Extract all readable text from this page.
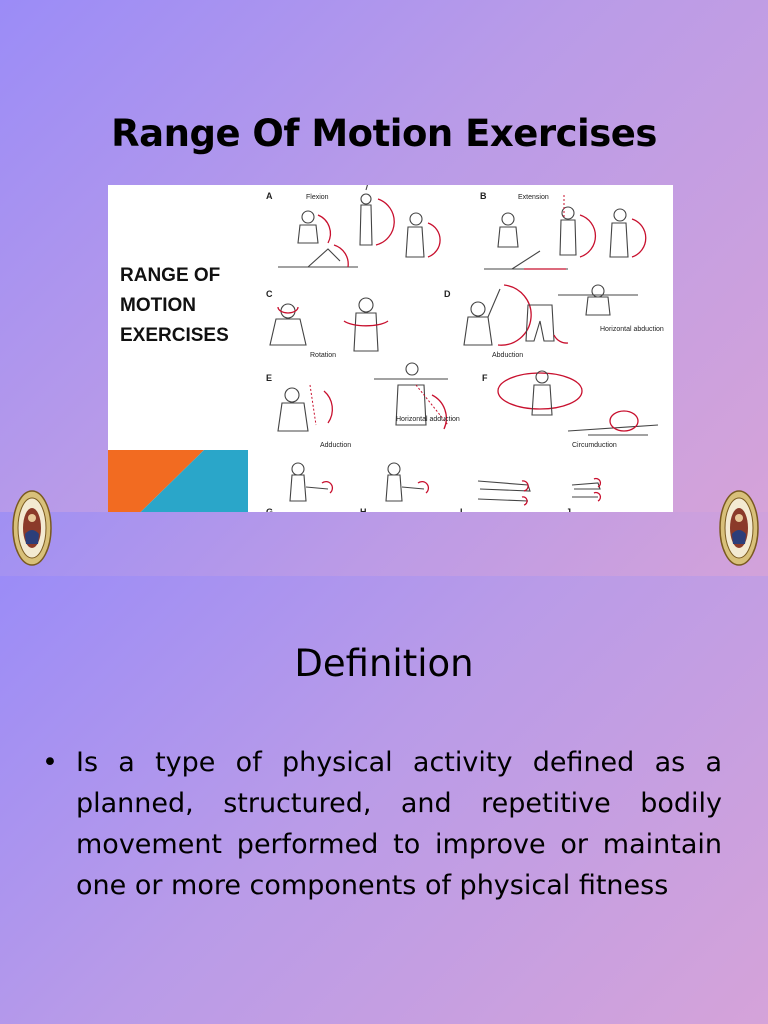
Range Of Motion Exercises
RANGE OF MOTION EXERCISES
A	Flexion	B	Extension
C
Rotation
D
Abduction
Horizontal abduction
E
Adduction
Horizontal adduction
F
Circumduction
Definition
• Is a type of physical activity defined as a planned, structured, and repetitive bodily movement performed to improve or maintain one or more components of physical fitness
